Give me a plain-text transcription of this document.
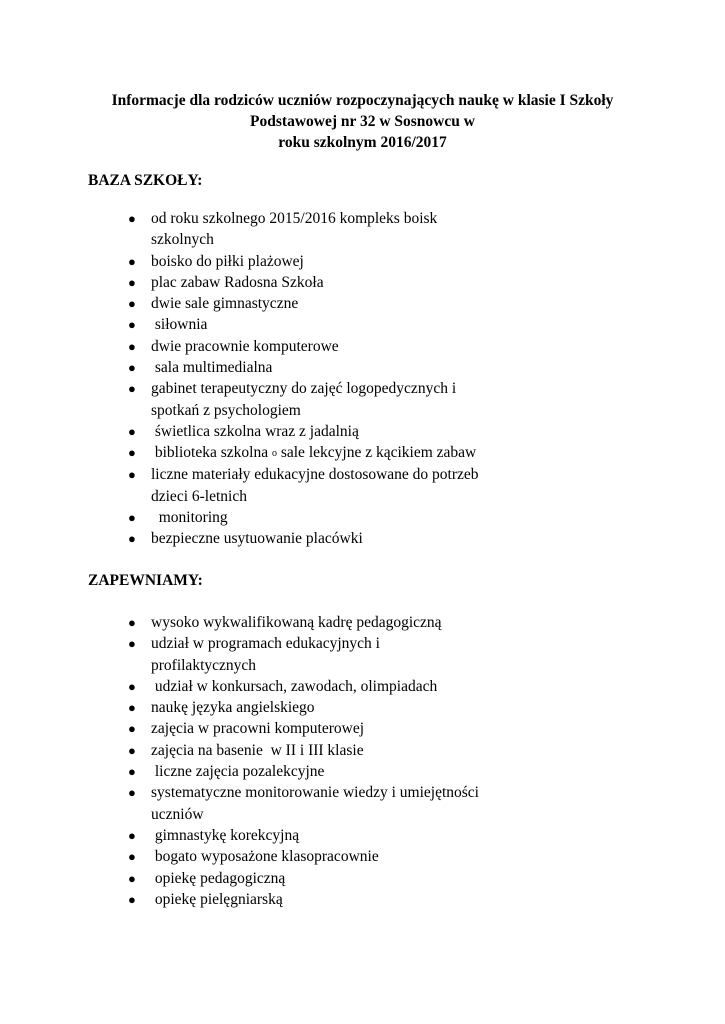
Informacje dla rodziców uczniów rozpoczynających naukę w klasie I Szkoły
Podstawowej nr 32 w Sosnowcu w
roku szkolnym 2016/2017
BAZA SZKOŁY:
● od roku szkolnego 2015/2016 kompleks boisk
szkolnych
● boisko do piłki plażowej
● plac zabaw Radosna Szkoła
● dwie sale gimnastyczne
● siłownia
● dwie pracownie komputerowe
● sala multimedialna
● gabinet terapeutyczny do zajęć logopedycznych i
spotkań z psychologiem
● świetlica szkolna wraz z jadalnią
● biblioteka szkolna o sale lekcyjne z kącikiem zabaw
● liczne materiały edukacyjne dostosowane do potrzeb
dzieci 6-letnich
● monitoring
● bezpieczne usytuowanie placówki
ZAPEWNIAMY:
● wysoko wykwalifikowaną kadrę pedagogiczną
● udział w programach edukacyjnych i
profilaktycznych
● udział w konkursach, zawodach, olimpiadach
● naukę języka angielskiego
● zajęcia w pracowni komputerowej
● zajęcia na basenie  w II i III klasie
● liczne zajęcia pozalekcyjne
● systematyczne monitorowanie wiedzy i umiejętności
uczniów
● gimnastykę korekcyjną
● bogato wyposażone klasopracownie
● opiekę pedagogiczną
● opiekę pielęgniarską
